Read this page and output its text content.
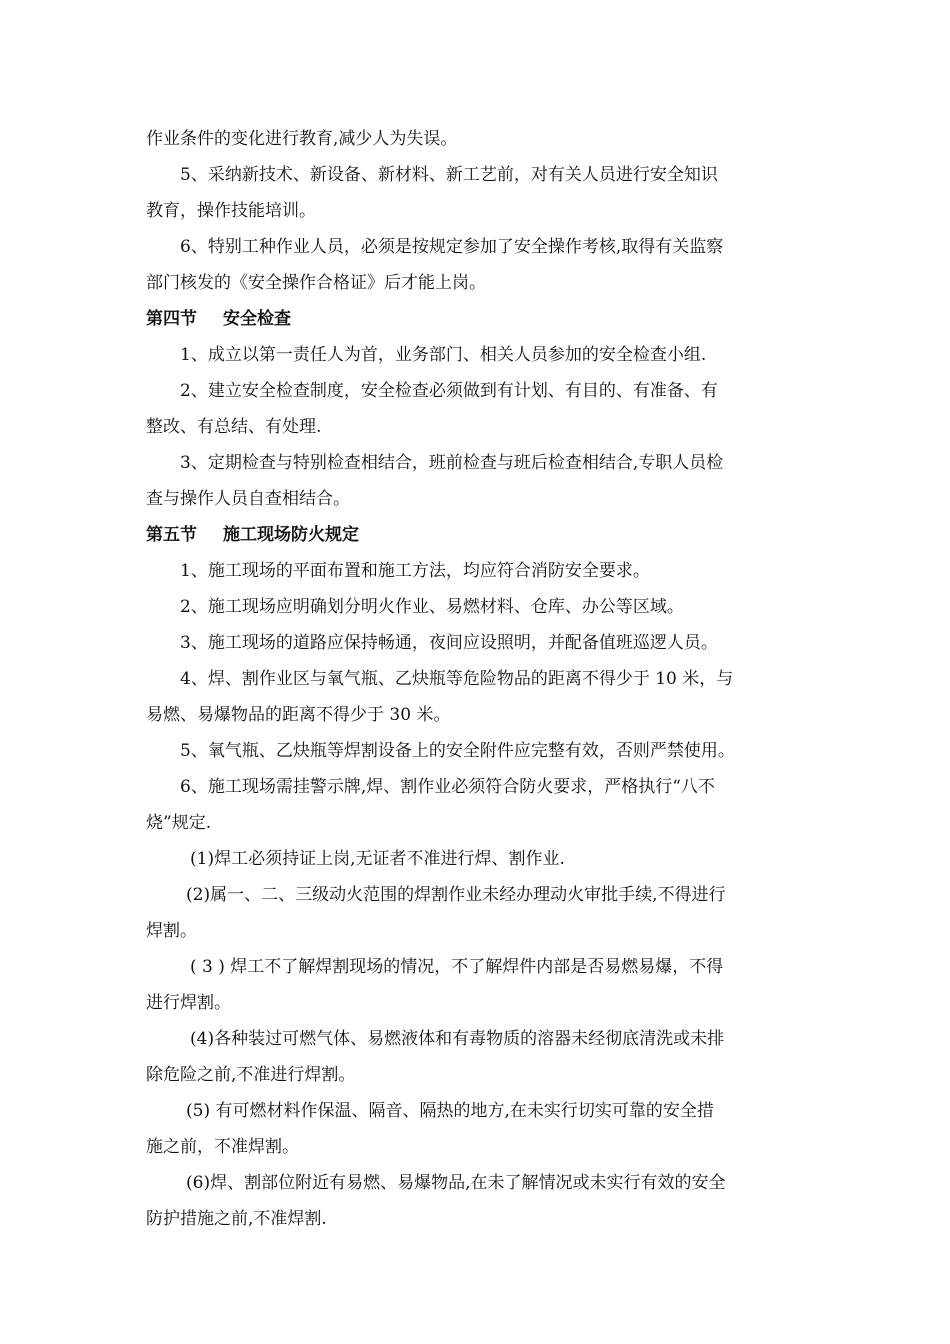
作业条件的变化进行教育,减少人为失误。
5、采纳新技术、新设备、新材料、新工艺前，对有关人员进行安全知识
教育，操作技能培训。
6、特别工种作业人员，必须是按规定参加了安全操作考核,取得有关监察
部门核发的《安全操作合格证》后才能上岗。
第四节 安全检查
1、成立以第一责任人为首，业务部门、相关人员参加的安全检查小组.
2、建立安全检查制度，安全检查必须做到有计划、有目的、有准备、有
整改、有总结、有处理.
3、定期检查与特别检查相结合，班前检查与班后检查相结合,专职人员检
查与操作人员自查相结合。
第五节 施工现场防火规定
1、施工现场的平面布置和施工方法，均应符合消防安全要求。
2、施工现场应明确划分明火作业、易燃材料、仓库、办公等区域。
3、施工现场的道路应保持畅通，夜间应设照明，并配备值班巡逻人员。
4、焊、割作业区与氧气瓶、乙炔瓶等危险物品的距离不得少于 10 米，与
易燃、易爆物品的距离不得少于 30 米。
5、氧气瓶、乙炔瓶等焊割设备上的安全附件应完整有效，否则严禁使用。
6、施工现场需挂警示牌,焊、割作业必须符合防火要求，严格执行“八不
烧”规定.
(1)焊工必须持证上岗,无证者不准进行焊、割作业.
(2)属一、二、三级动火范围的焊割作业未经办理动火审批手续,不得进行
焊割。
( 3 ) 焊工不了解焊割现场的情况，不了解焊件内部是否易燃易爆，不得
进行焊割。
(4)各种装过可燃气体、易燃液体和有毒物质的溶器未经彻底清洗或未排
除危险之前,不准进行焊割。
(5) 有可燃材料作保温、隔音、隔热的地方,在未实行切实可靠的安全措
施之前，不准焊割。
(6)焊、割部位附近有易燃、易爆物品,在未了解情况或未实行有效的安全
防护措施之前,不准焊割.
